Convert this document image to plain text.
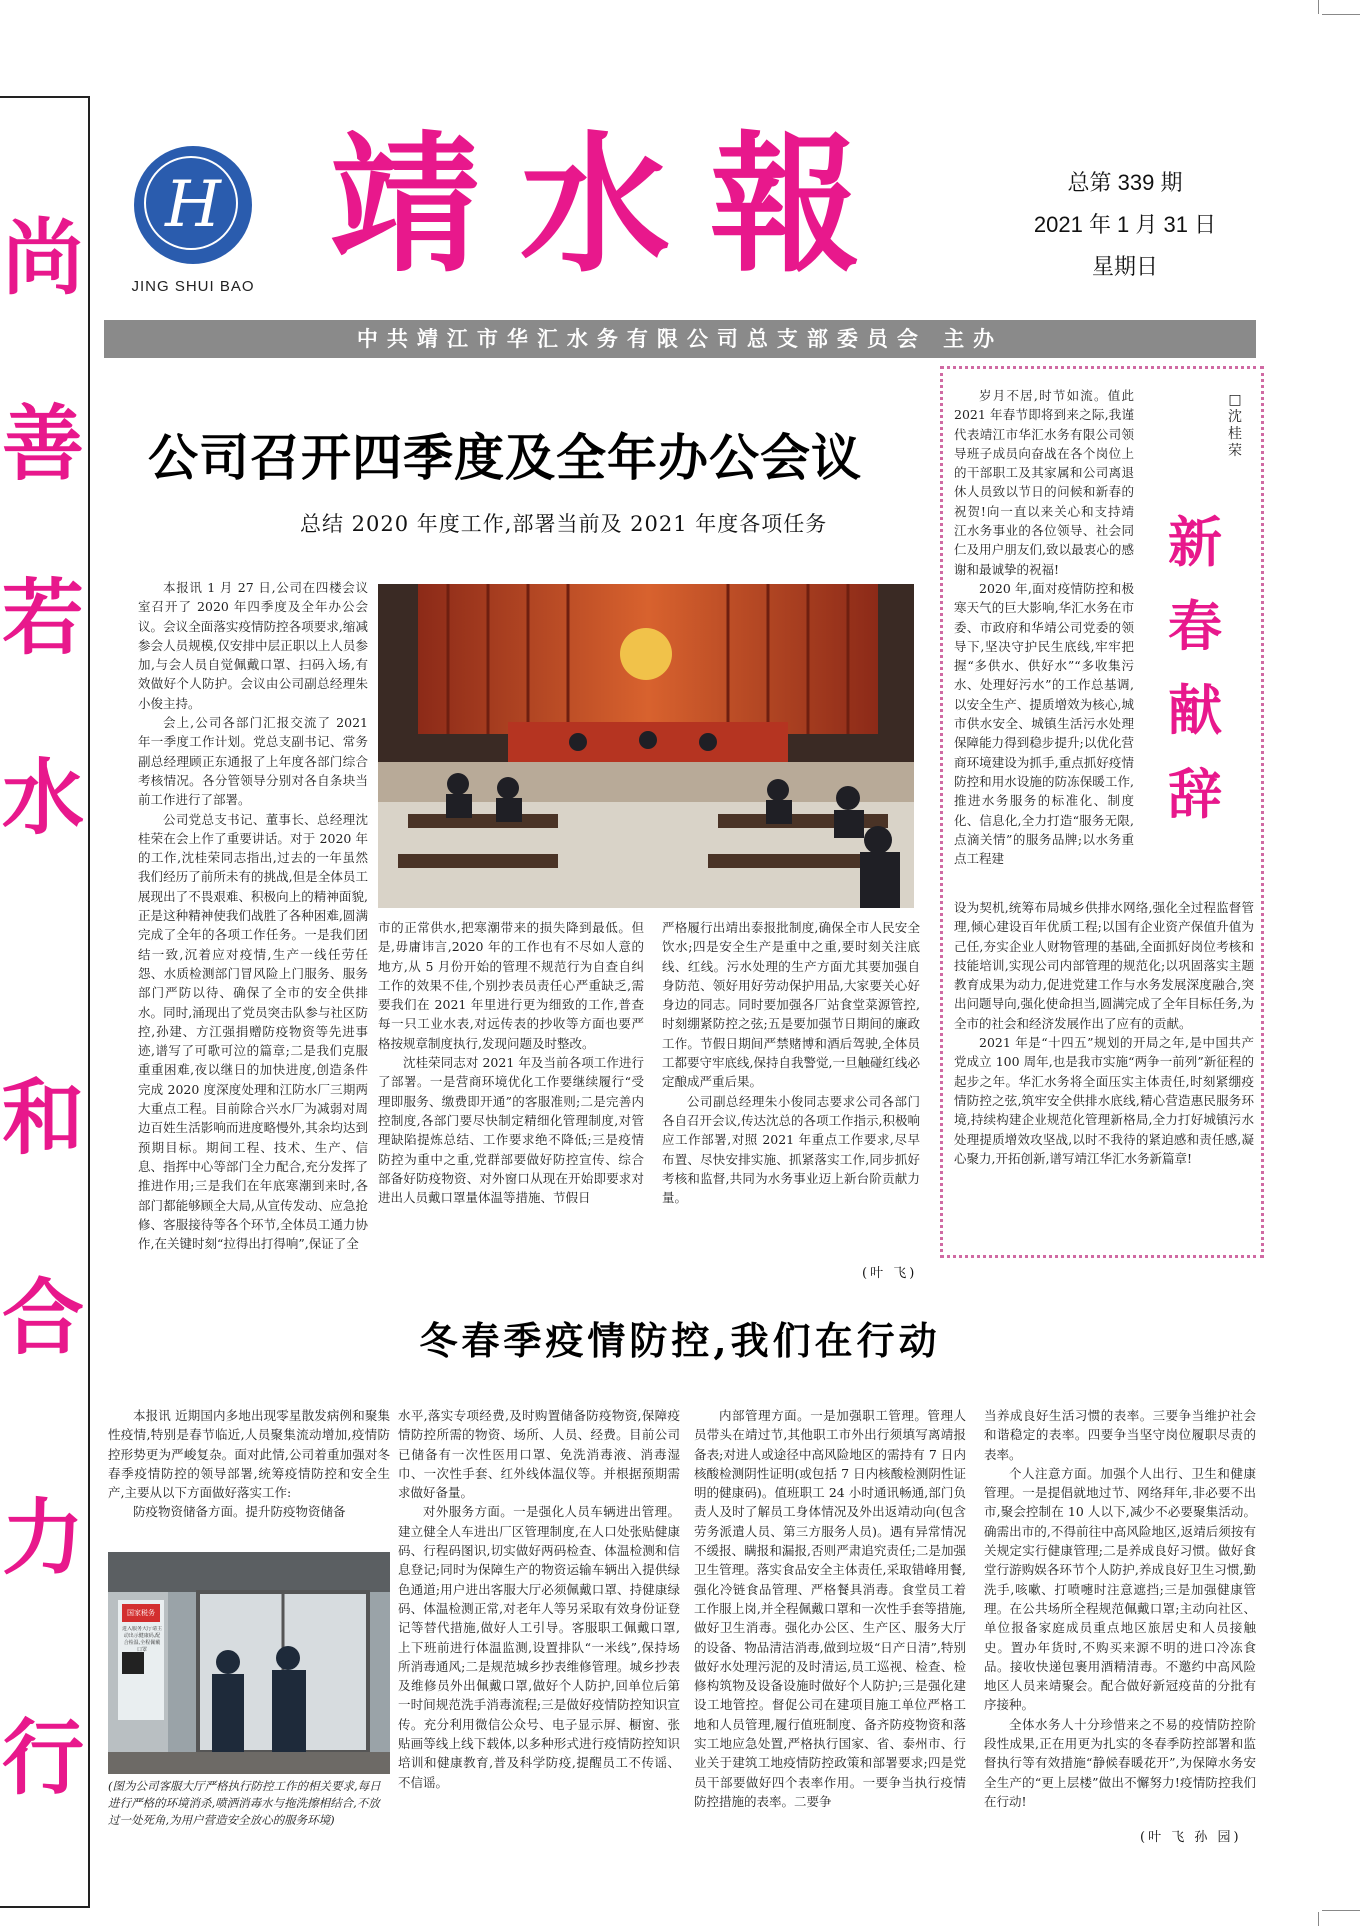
尚
善
若
水
和
合
力
行
H
JING SHUI BAO 靖水報	总第 339 期
2021 年 1 月 31 日
星期日
中共靖江市华汇水务有限公司总支部委员会 主办
公司召开四季度及全年办公会议
总结 2020 年度工作,部署当前及 2021 年度各项任务

本报讯 1 月 27 日,公司在四楼会议室召开了 2020 年四季度及全年办公会议。会议全面落实疫情防控各项要求,缩减参会人员规模,仅安排中层正职以上人员参加,与会人员自觉佩戴口罩、扫码入场,有效做好个人防护。会议由公司副总经理朱小俊主持。

会上,公司各部门汇报交流了 2021 年一季度工作计划。党总支副书记、常务副总经理顾正东通报了上年度各部门综合考核情况。各分管领导分别对各自条块当前工作进行了部署。

公司党总支书记、董事长、总经理沈桂荣在会上作了重要讲话。对于 2020 年的工作,沈桂荣同志指出,过去的一年虽然我们经历了前所未有的挑战,但是全体员工展现出了不畏艰难、积极向上的精神面貌,正是这种精神使我们战胜了各种困难,圆满完成了全年的各项工作任务。一是我们团结一致,沉着应对疫情,生产一线任劳任怨、水质检测部门冒风险上门服务、服务部门严防以待、确保了全市的安全供排水。同时,涌现出了党员突击队参与社区防控,孙建、方江强捐赠防疫物资等先进事迹,谱写了可歌可泣的篇章;二是我们克服重重困难,夜以继日的加快进度,创造条件完成 2020 度深度处理和江防水厂三期两大重点工程。目前除合兴水厂为减弱对周边百姓生活影响而进度略慢外,其余均达到预期目标。期间工程、技术、生产、信息、指挥中心等部门全力配合,充分发挥了推进作用;三是我们在年底寒潮到来时,各部门都能够顾全大局,从宣传发动、应急抢修、客服接待等各个环节,全体员工通力协作,在关键时刻“拉得出打得响”,保证了全

市的正常供水,把寒潮带来的损失降到最低。但是,毋庸讳言,2020 年的工作也有不尽如人意的地方,从 5 月份开始的管理不规范行为自查自纠工作的效果不佳,个别抄表员责任心严重缺乏,需要我们在 2021 年里进行更为细致的工作,普查每一只工业水表,对远传表的抄收等方面也要严格按规章制度执行,发现问题及时整改。

沈桂荣同志对 2021 年及当前各项工作进行了部署。一是营商环境优化工作要继续履行“受理即服务、缴费即开通”的客服准则;二是完善内控制度,各部门要尽快制定精细化管理制度,对管理缺陷提炼总结、工作要求绝不降低;三是疫情防控为重中之重,党群部要做好防控宣传、综合部备好防疫物资、对外窗口从现在开始即要求对进出人员戴口罩量体温等措施、节假日

严格履行出靖出泰报批制度,确保全市人民安全饮水;四是安全生产是重中之重,要时刻关注底线、红线。污水处理的生产方面尤其要加强自身防范、领好用好劳动保护用品,大家要关心好身边的同志。同时要加强各厂站食堂菜源管控,时刻绷紧防控之弦;五是要加强节日期间的廉政工作。节假日期间严禁赌博和酒后驾驶,全体员工都要守牢底线,保持自我警觉,一旦触碰红线必定酿成严重后果。

公司副总经理朱小俊同志要求公司各部门各自召开会议,传达沈总的各项工作指示,积极响应工作部署,对照 2021 年重点工作要求,尽早布置、尽快安排实施、抓紧落实工作,同步抓好考核和监督,共同为水务事业迈上新台阶贡献力量。

(叶 飞)
□沈桂荣
新
春
献
辞

岁月不居,时节如流。值此 2021 年春节即将到来之际,我谨代表靖江市华汇水务有限公司领导班子成员向奋战在各个岗位上的干部职工及其家属和公司离退休人员致以节日的问候和新春的祝贺!向一直以来关心和支持靖江水务事业的各位领导、社会同仁及用户朋友们,致以最衷心的感谢和最诚挚的祝福!

2020 年,面对疫情防控和极寒天气的巨大影响,华汇水务在市委、市政府和华靖公司党委的领导下,坚决守护民生底线,牢牢把握“多供水、供好水”“多收集污水、处理好污水”的工作总基调,以安全生产、提质增效为核心,城市供水安全、城镇生活污水处理保障能力得到稳步提升;以优化营商环境建设为抓手,重点抓好疫情防控和用水设施的防冻保暖工作,推进水务服务的标准化、制度化、信息化,全力打造“服务无限,点滴关情”的服务品牌;以水务重点工程建

设为契机,统筹布局城乡供排水网络,强化全过程监督管理,倾心建设百年优质工程;以国有企业资产保值升值为己任,夯实企业人财物管理的基础,全面抓好岗位考核和技能培训,实现公司内部管理的规范化;以巩固落实主题教育成果为动力,促进党建工作与水务发展深度融合,突出问题导向,强化使命担当,圆满完成了全年目标任务,为全市的社会和经济发展作出了应有的贡献。

2021 年是“十四五”规划的开局之年,是中国共产党成立 100 周年,也是我市实施“两争一前列”新征程的起步之年。华汇水务将全面压实主体责任,时刻紧绷疫情防控之弦,筑牢安全供排水底线,精心营造惠民服务环境,持续构建企业规范化管理新格局,全力打好城镇污水处理提质增效攻坚战,以时不我待的紧迫感和责任感,凝心聚力,开拓创新,谱写靖江华汇水务新篇章!

冬春季疫情防控,我们在行动

本报讯 近期国内多地出现零星散发病例和聚集性疫情,特别是春节临近,人员聚集流动增加,疫情防控形势更为严峻复杂。面对此情,公司着重加强对冬春季疫情防控的领导部署,统筹疫情防控和安全生产,主要从以下方面做好落实工作:

防疫物资储备方面。提升防疫物资储备

国家税务
进入服务大厅请主动出示健康码,配合检温,全程佩戴口罩
(图为公司客服大厅严格执行防控工作的相关要求,每日进行严格的环境消杀,喷洒消毒水与拖洗擦相结合,不放过一处死角,为用户营造安全放心的服务环境)

水平,落实专项经费,及时购置储备防疫物资,保障疫情防控所需的物资、场所、人员、经费。目前公司已储备有一次性医用口罩、免洗消毒液、消毒湿巾、一次性手套、红外线体温仪等。并根据预期需求做好备量。

对外服务方面。一是强化人员车辆进出管理。建立健全人车进出厂区管理制度,在人口处张贴健康码、行程码图识,切实做好两码检查、体温检测和信息登记;同时为保障生产的物资运输车辆出入提供绿色通道;用户进出客服大厅必须佩戴口罩、持健康绿码、体温检测正常,对老年人等另采取有效身份证登记等替代措施,做好人工引导。客服职工佩戴口罩,上下班前进行体温监测,设置排队“一米线”,保持场所消毒通风;二是规范城乡抄表维修管理。城乡抄表及维修员外出佩戴口罩,做好个人防护,回单位后第一时间规范洗手消毒流程;三是做好疫情防控知识宣传。充分利用微信公众号、电子显示屏、橱窗、张贴画等线上线下载体,以多种形式进行疫情防控知识培训和健康教育,普及科学防疫,提醒员工不传谣、不信谣。

内部管理方面。一是加强职工管理。管理人员带头在靖过节,其他职工市外出行须填写离靖报备表;对进人或途径中高风险地区的需持有 7 日内核酸检测阴性证明(或包括 7 日内核酸检测阴性证明的健康码)。值班职工 24 小时通讯畅通,部门负责人及时了解员工身体情况及外出返靖动向(包含劳务派遣人员、第三方服务人员)。遇有异常情况不缓报、瞒报和漏报,否则严肃追究责任;二是加强卫生管理。落实食品安全主体责任,采取错峰用餐,强化冷链食品管理、严格餐具消毒。食堂员工着工作服上岗,并全程佩戴口罩和一次性手套等措施,做好卫生消毒。强化办公区、生产区、服务大厅的设备、物品清洁消毒,做到垃圾“日产日清”,特别做好水处理污泥的及时清运,员工巡视、检查、检修构筑物及设备设施时做好个人防护;三是强化建设工地管控。督促公司在建项目施工单位严格工地和人员管理,履行值班制度、备齐防疫物资和落实工地应急处置,严格执行国家、省、泰州市、行业关于建筑工地疫情防控政策和部署要求;四是党员干部要做好四个表率作用。一要争当执行疫情防控措施的表率。二要争

当养成良好生活习惯的表率。三要争当维护社会和谐稳定的表率。四要争当坚守岗位履职尽责的表率。

个人注意方面。加强个人出行、卫生和健康管理。一是提倡就地过节、网络拜年,非必要不出市,聚会控制在 10 人以下,减少不必要聚集活动。确需出市的,不得前往中高风险地区,返靖后须按有关规定实行健康管理;二是养成良好习惯。做好食堂行游购娱各环节个人防护,养成良好卫生习惯,勤洗手,咳嗽、打喷嚏时注意遮挡;三是加强健康管理。在公共场所全程规范佩戴口罩;主动向社区、单位报备家庭成员重点地区旅居史和人员接触史。置办年货时,不购买来源不明的进口冷冻食品。接收快递包裹用酒精清毒。不邀约中高风险地区人员来靖聚会。配合做好新冠疫苗的分批有序接种。

全体水务人十分珍惜来之不易的疫情防控阶段性成果,正在用更为扎实的冬春季防控部署和监督执行等有效措施“静候春暖花开”,为保障水务安全生产的“更上层楼”做出不懈努力!疫情防控我们在行动!

(叶 飞 孙 园)
